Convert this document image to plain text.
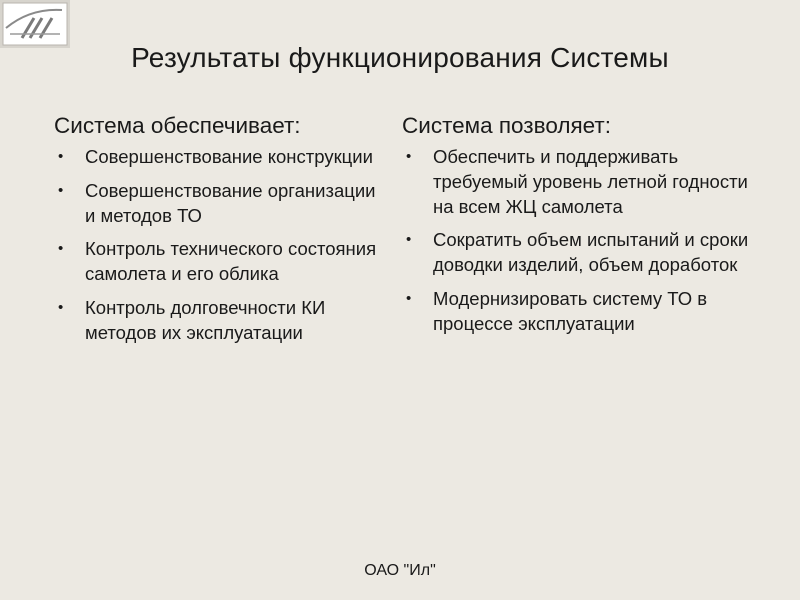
Результаты функционирования Системы
Система обеспечивает:
• Совершенствование конструкции
• Совершенствование организации и методов ТО
• Контроль технического состояния самолета и его облика
• Контроль долговечности КИ методов их эксплуатации
Система позволяет:
• Обеспечить и поддерживать требуемый уровень летной годности на всем ЖЦ самолета
• Сократить объем испытаний и сроки доводки изделий, объем доработок
• Модернизировать систему ТО в процессе эксплуатации
ОАО "Ил"
